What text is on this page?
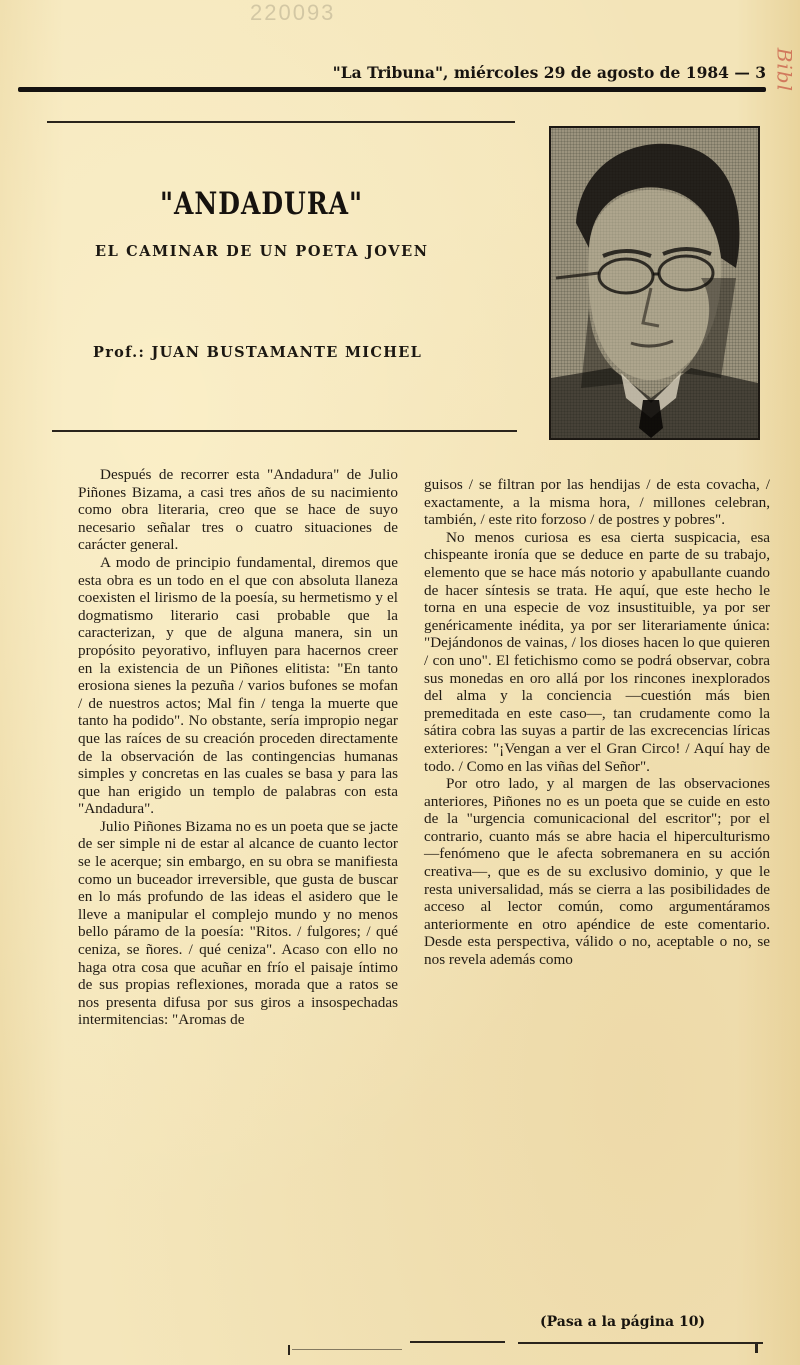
220093
Bibl
"La Tribuna", miércoles 29 de agosto de 1984 — 3
"ANDADURA"
EL CAMINAR DE UN POETA JOVEN
Prof.: JUAN BUSTAMANTE MICHEL

Después de recorrer esta "Andadura" de Julio Piñones Bizama, a casi tres años de su nacimiento como obra literaria, creo que se hace de suyo necesario señalar tres o cuatro situaciones de carácter general.

A modo de principio fundamental, diremos que esta obra es un todo en el que con absoluta llaneza coexisten el lirismo de la poesía, su hermetismo y el dogmatismo literario casi probable que la caracterizan, y que de alguna manera, sin un propósito peyorativo, influyen para hacernos creer en la existencia de un Piñones elitista: "En tanto erosiona sienes la pezuña / varios bufones se mofan / de nuestros actos; Mal fin / tenga la muerte que tanto ha podido". No obstante, sería impropio negar que las raíces de su creación proceden directamente de la observación de las contingencias humanas simples y concretas en las cuales se basa y para las que han erigido un templo de palabras con esta "Andadura".

Julio Piñones Bizama no es un poeta que se jacte de ser simple ni de estar al alcance de cuanto lector se le acerque; sin embargo, en su obra se manifiesta como un buceador irreversible, que gusta de buscar en lo más profundo de las ideas el asidero que le lleve a manipular el complejo mundo y no menos bello páramo de la poesía: "Ritos. / fulgores; / qué ceniza, se ñores. / qué ceniza". Acaso con ello no haga otra cosa que acuñar en frío el paisaje íntimo de sus propias reflexiones, morada que a ratos se nos presenta difusa por sus giros a insospechadas intermitencias: "Aromas de

guisos / se filtran por las hendijas / de esta covacha, / exactamente, a la misma hora, / millones celebran, también, / este rito forzoso / de postres y pobres".

No menos curiosa es esa cierta suspicacia, esa chispeante ironía que se deduce en parte de su trabajo, elemento que se hace más notorio y apabullante cuando de hacer síntesis se trata. He aquí, que este hecho le torna en una especie de voz insustituible, ya por ser genéricamente inédita, ya por ser literariamente única: "Dejándonos de vainas, / los dioses hacen lo que quieren / con uno". El fetichismo como se podrá observar, cobra sus monedas en oro allá por los rincones inexplorados del alma y la conciencia —cuestión más bien premeditada en este caso—, tan crudamente como la sátira cobra las suyas a partir de las excrecencias líricas exteriores: "¡Vengan a ver el Gran Circo! / Aquí hay de todo. / Como en las viñas del Señor".

Por otro lado, y al margen de las observaciones anteriores, Piñones no es un poeta que se cuide en esto de la "urgencia comunicacional del escritor"; por el contrario, cuanto más se abre hacia el hiperculturismo —fenómeno que le afecta sobremanera en su acción creativa—, que es de su exclusivo dominio, y que le resta universalidad, más se cierra a las posibilidades de acceso al lector común, como argumentáramos anteriormente en otro apéndice de este comentario. Desde esta perspectiva, válido o no, aceptable o no, se nos revela además como

(Pasa a la página 10)
